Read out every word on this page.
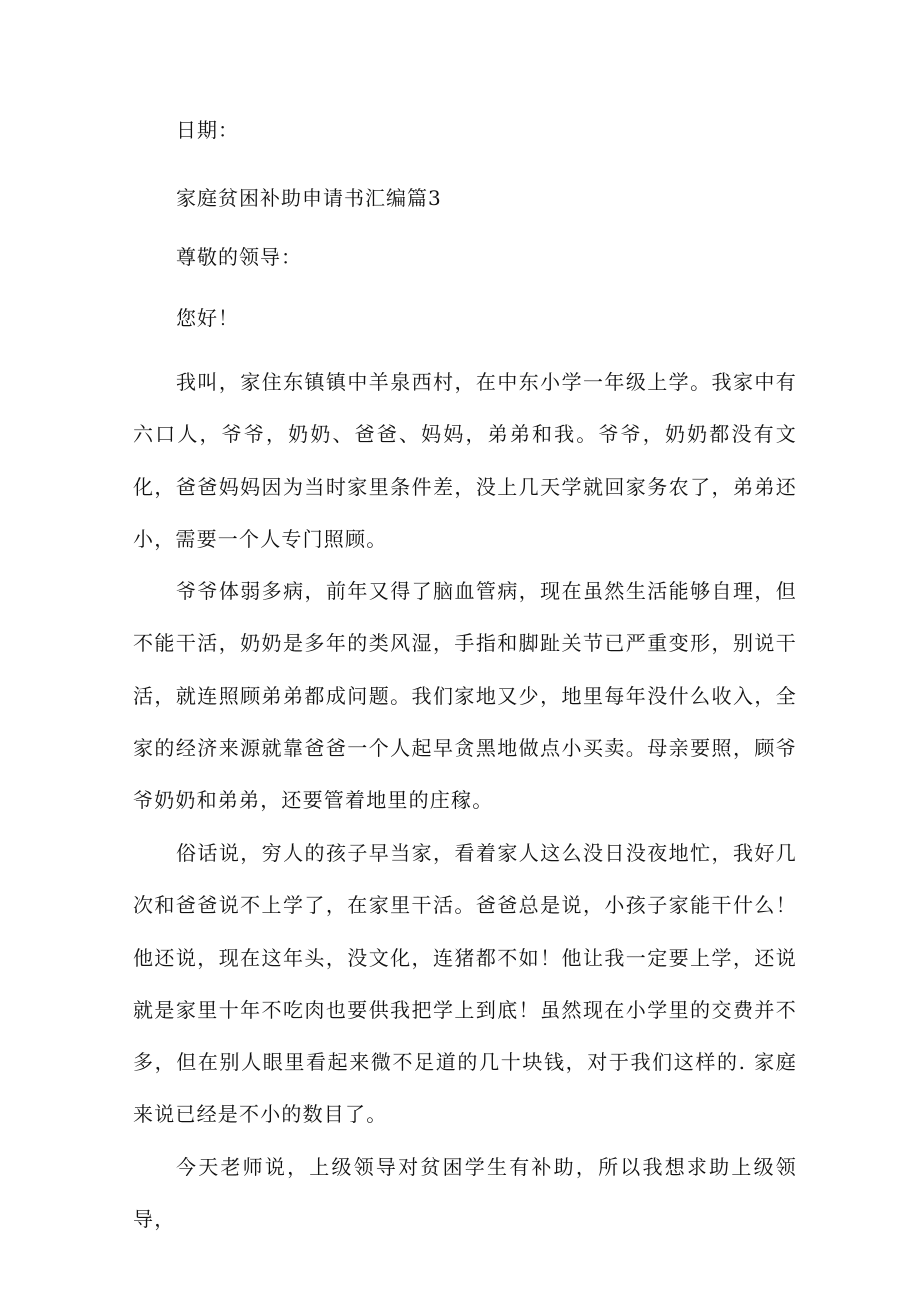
日期：
家庭贫困补助申请书汇编篇3
尊敬的领导：
您好！

我叫，家住东镇镇中羊泉西村，在中东小学一年级上学。我家中有六口人，爷爷，奶奶、爸爸、妈妈，弟弟和我。爷爷，奶奶都没有文化，爸爸妈妈因为当时家里条件差，没上几天学就回家务农了，弟弟还小，需要一个人专门照顾。

爷爷体弱多病，前年又得了脑血管病，现在虽然生活能够自理，但不能干活，奶奶是多年的类风湿，手指和脚趾关节已严重变形，别说干活，就连照顾弟弟都成问题。我们家地又少，地里每年没什么收入，全家的经济来源就靠爸爸一个人起早贪黑地做点小买卖。母亲要照，顾爷爷奶奶和弟弟，还要管着地里的庄稼。

俗话说，穷人的孩子早当家，看着家人这么没日没夜地忙，我好几次和爸爸说不上学了，在家里干活。爸爸总是说，小孩子家能干什么！他还说，现在这年头，没文化，连猪都不如！他让我一定要上学，还说就是家里十年不吃肉也要供我把学上到底！虽然现在小学里的交费并不多，但在别人眼里看起来微不足道的几十块钱，对于我们这样的. 家庭来说已经是不小的数目了。

今天老师说，上级领导对贫困学生有补助，所以我想求助上级领导，
